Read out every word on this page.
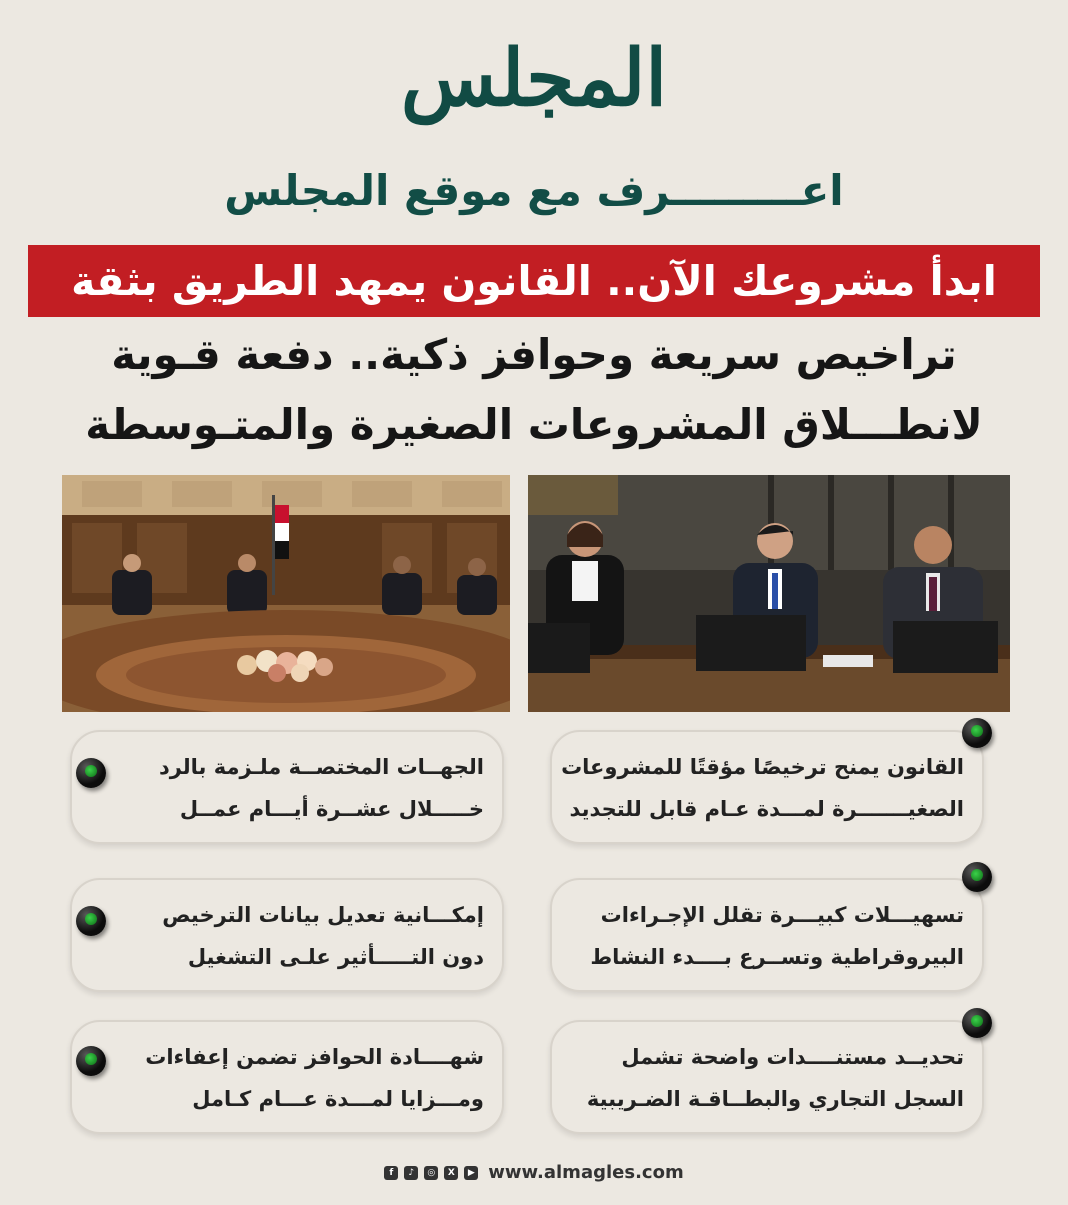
المجلس
اعـــــــــرف مع موقع المجلس
ابدأ مشروعك الآن.. القانون يمهد الطريق بثقة
تراخيص سريعة وحوافز ذكية.. دفعة قـوية
لانطـــلاق المشروعات الصغيرة والمتـوسطة
القانون يمنح ترخيصًا مؤقتًا للمشروعات
الصغيـــــــرة لمـــدة عـام قابل للتجديد
الجهــات المختصــة ملـزمة بالرد
خـــــلال عشــرة أيـــام عمــل
تسهيـــلات كبيـــرة تقلل الإجـراءات
البيروقراطية وتســرع بــــدء النشاط
إمكـــانية تعديل بيانات الترخيص
دون التـــــأثير علـى التشغيل
تحديــد مستنــــدات واضحة تشمل
السجل التجاري والبطــاقـة الضـريبية
شهــــادة الحوافز تضمن إعفاءات
ومـــزايا لمـــدة عـــام كـامل
f	♪	◎	X	▶ www.almagles.com
